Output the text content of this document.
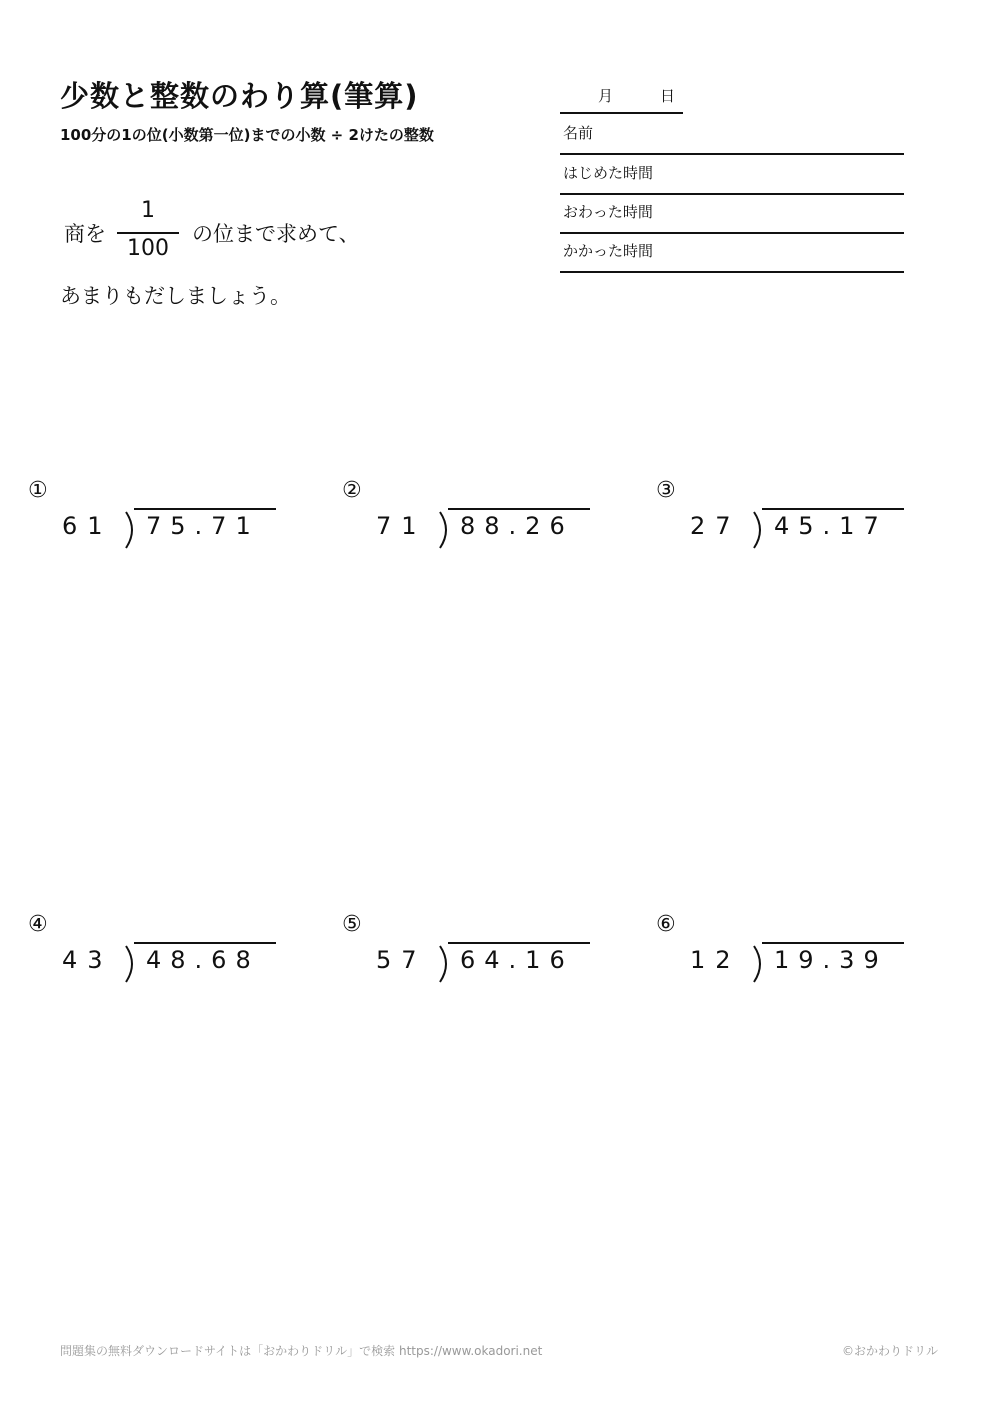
少数と整数のわり算(筆算)
100分の1の位(小数第一位)までの小数 ÷ 2けたの整数
月	日
名前
はじめた時間
おわった時間
かかった時間
商を
1
100
の位まで求めて、
あまりもだしましょう。
①
61	75.71
②
71	88.26
③
27	45.17
④
43	48.68
⑤
57	64.16
⑥
12	19.39
問題集の無料ダウンロードサイトは「おかわりドリル」で検索 https://www.okadori.net	©おかわりドリル
